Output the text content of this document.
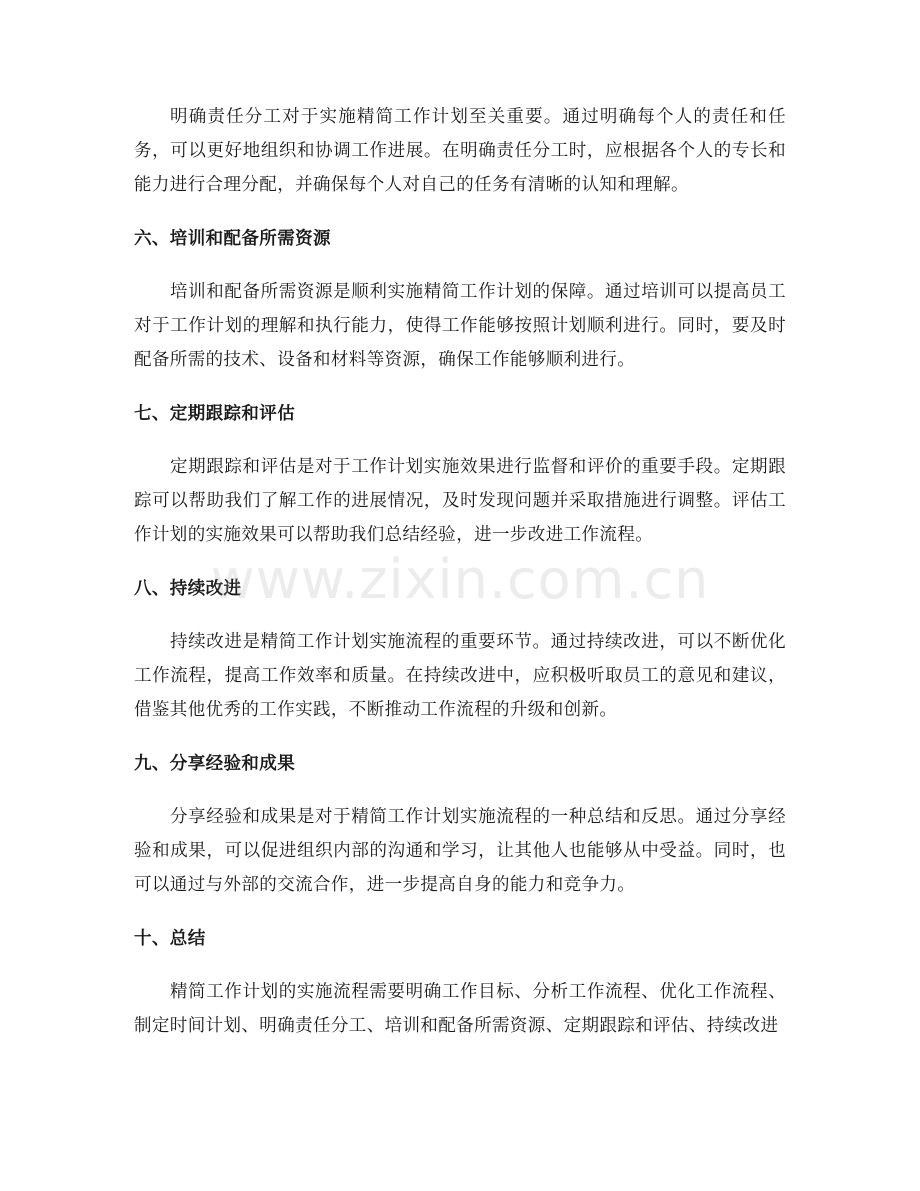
明确责任分工对于实施精简工作计划至关重要。通过明确每个人的责任和任务，可以更好地组织和协调工作进展。在明确责任分工时，应根据各个人的专长和能力进行合理分配，并确保每个人对自己的任务有清晰的认知和理解。

六、培训和配备所需资源

培训和配备所需资源是顺利实施精简工作计划的保障。通过培训可以提高员工对于工作计划的理解和执行能力，使得工作能够按照计划顺利进行。同时，要及时配备所需的技术、设备和材料等资源，确保工作能够顺利进行。

七、定期跟踪和评估

定期跟踪和评估是对于工作计划实施效果进行监督和评价的重要手段。定期跟踪可以帮助我们了解工作的进展情况，及时发现问题并采取措施进行调整。评估工作计划的实施效果可以帮助我们总结经验，进一步改进工作流程。

八、持续改进

持续改进是精简工作计划实施流程的重要环节。通过持续改进，可以不断优化工作流程，提高工作效率和质量。在持续改进中，应积极听取员工的意见和建议，借鉴其他优秀的工作实践，不断推动工作流程的升级和创新。

九、分享经验和成果

分享经验和成果是对于精简工作计划实施流程的一种总结和反思。通过分享经验和成果，可以促进组织内部的沟通和学习，让其他人也能够从中受益。同时，也可以通过与外部的交流合作，进一步提高自身的能力和竞争力。

十、总结

精简工作计划的实施流程需要明确工作目标、分析工作流程、优化工作流程、制定时间计划、明确责任分工、培训和配备所需资源、定期跟踪和评估、持续改进

www.zixin.com.cn
